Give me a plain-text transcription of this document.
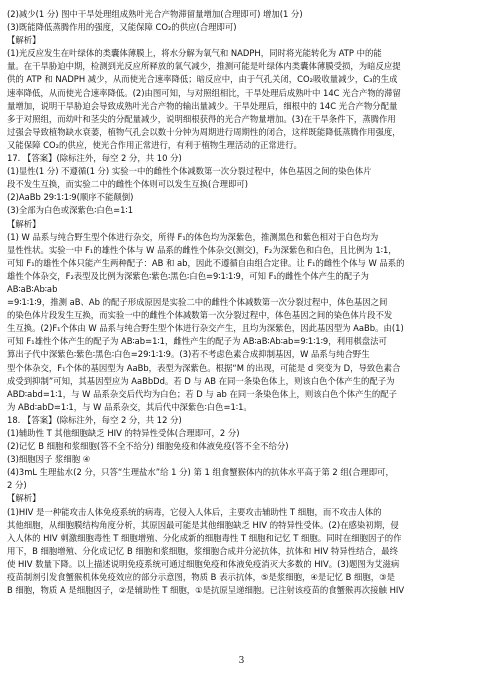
(2)减少(1 分) 图中干旱处理组成熟叶光合产物滞留量增加(合理即可) 增加(1 分)

(3)既能降低蒸腾作用的强度，又能保障 CO₂的供应(合理即可)

【解析】

(1)光反应发生在叶绿体的类囊体薄膜上，将水分解为氧气和 NADPH，同时将光能转化为 ATP 中的能

量。在干旱胁迫中期，检测到光反应所释放的氧气减少，推测可能是叶绿体内类囊体薄膜受损，为暗反应提

供的 ATP 和 NADPH 减少，从而使光合速率降低；暗反应中，由于气孔关闭，CO₂吸收量减少，C₃的生成

速率降低，从而使光合速率降低。(2)由图可知，与对照组相比，干旱处理后成熟叶中 14C 光合产物的滞留

量增加，说明干旱胁迫会导致成熟叶光合产物的输出量减少。干旱处理后，细根中的 14C 光合产物分配量

多于对照组，而幼叶和茎尖的分配量减少，说明细根获得的光合产物量增加。(3)在干旱条件下，蒸腾作用

过强会导致植物缺水衰萎，植物气孔会以数十分钟为周期进行周期性的闭合，这样既能降低蒸腾作用强度，

又能保障 CO₂的供应，使光合作用正常进行，有利于植物生理活动的正常进行。

17. 【答案】(除标注外，每空 2 分，共 10 分)

(1)显性(1 分) 不遵循(1 分) 实验一中的雌性个体减数第一次分裂过程中，体色基因之间的染色体片

段不发生互换，而实验二中的雌性个体则可以发生互换(合理即可)

(2)AaBb 29∶1∶1∶9(顺序不能颠倒)

(3)全部为白色或深紫色∶白色=1∶1

【解析】

(1) W 品系与纯合野生型个体进行杂交，所得 F₁的体色均为深紫色，推测黑色和紫色相对于白色均为

显性性状。实验一中 F₁的雄性个体与 W 品系的雌性个体杂交(测交)，F₂为深紫色和白色，且比例为 1∶1，

可知 F₁的雄性个体只能产生两种配子：AB 和 ab，因此不遵循自由组合定律。让 F₁的雌性个体与 W 品系的

雄性个体杂交，F₂表型及比例为深紫色∶紫色∶黑色∶白色=9∶1∶1∶9，可知 F₁的雌性个体产生的配子为

AB∶aB∶Ab∶ab

=9∶1∶1∶9，推测 aB、Ab 的配子形成原因是实验二中的雌性个体减数第一次分裂过程中，体色基因之间

的染色体片段发生互换，而实验一中的雌性个体减数第一次分裂过程中，体色基因之间的染色体片段不发

生互换。(2)F₁个体由 W 品系与纯合野生型个体进行杂交产生，且均为深紫色，因此基因型为 AaBb。由(1)

可知 F₁雄性个体产生的配子为 AB∶ab=1∶1，雌性产生的配子为 AB∶aB∶Ab∶ab=9∶1∶1∶9，利用棋盘法可

算出子代中深紫色∶紫色∶黑色∶白色=29∶1∶1∶9。(3)若不考虑色素合成抑制基因，W 品系与纯合野生

型个体杂交，F₁个体的基因型为 AaBb，表型为深紫色。根据“M 的出现，可能是 d 突变为 D，导致色素合

成受到抑制”可知，其基因型应为 AaBbDd。若 D 与 AB 在同一条染色体上，则该白色个体产生的配子为

ABD∶abd=1∶1，与 W 品系杂交后代均为白色；若 D 与 ab 在同一条染色体上，则该白色个体产生的配子

为 ABd∶abD=1∶1，与 W 品系杂交，其后代中深紫色∶白色=1∶1。

18. 【答案】(除标注外，每空 2 分，共 12 分)

(1)辅助性 T 其他细胞缺乏 HIV 的特异性受体(合理即可，2 分)

(2)记忆 B 细胞和浆细胞(答不全不给分) 细胞免疫和体液免疫(答不全不给分)

(3)细胞因子 浆细胞 ④

(4)3mL 生理盐水(2 分，只答“生理盐水”给 1 分) 第 1 组食蟹猴体内的抗体水平高于第 2 组(合理即可，

2 分)

【解析】

(1)HIV 是一种能攻击人体免疫系统的病毒，它侵入人体后，主要攻击辅助性 T 细胞，而不攻击人体的

其他细胞，从细胞膜结构角度分析，其原因最可能是其他细胞缺乏 HIV 的特异性受体。(2)在感染初期，侵

入人体的 HIV 刺激细胞毒性 T 细胞增殖、分化成新的细胞毒性 T 细胞和记忆 T 细胞。同时在细胞因子的作

用下，B 细胞增殖、分化成记忆 B 细胞和浆细胞，浆细胞合成并分泌抗体，抗体和 HIV 特异性结合，最终

使 HIV 数量下降。以上描述说明免疫系统可通过细胞免疫和体液免疫消灭大多数的 HIV。(3)题图为艾滋病

疫苗制剂引发食蟹猴机体免疫效应的部分示意图，物质 B 表示抗体，⑤是浆细胞，④是记忆 B 细胞，③是

B 细胞，物质 A 是细胞因子，②是辅助性 T 细胞，①是抗原呈递细胞。已注射该疫苗的食蟹猴再次接触 HIV

3
